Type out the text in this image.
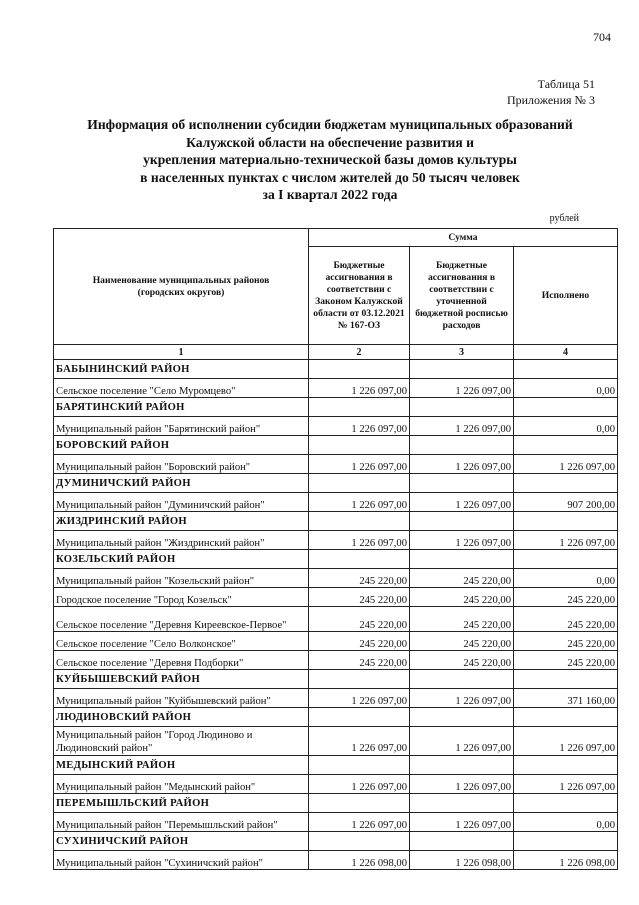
704
Таблица 51
Приложения № 3
Информация об исполнении субсидии бюджетам муниципальных образований
Калужской области на обеспечение развития и
укрепления материально-технической базы домов культуры
в населенных пунктах с числом жителей до 50 тысяч человек
за I квартал 2022 года
рублей
Наименование муниципальных районов
(городских округов)	Сумма		
	Бюджетные ассигнования в соответствии с Законом Калужской области от 03.12.2021 № 167-ОЗ	Бюджетные ассигнования в соответствии с уточненной бюджетной росписью расходов	Исполнено
1	2	3	4
БАБЫНИНСКИЙ РАЙОН			
Сельское поселение "Село Муромцево"	1 226 097,00	1 226 097,00	0,00
БАРЯТИНСКИЙ РАЙОН			
Муниципальный район "Барятинский район"	1 226 097,00	1 226 097,00	0,00
БОРОВСКИЙ РАЙОН			
Муниципальный район "Боровский район"	1 226 097,00	1 226 097,00	1 226 097,00
ДУМИНИЧСКИЙ РАЙОН			
Муниципальный район "Думиничский район"	1 226 097,00	1 226 097,00	907 200,00
ЖИЗДРИНСКИЙ РАЙОН			
Муниципальный район "Жиздринский район"	1 226 097,00	1 226 097,00	1 226 097,00
КОЗЕЛЬСКИЙ РАЙОН			
Муниципальный район "Козельский район"	245 220,00	245 220,00	0,00
Городское поселение "Город Козельск"	245 220,00	245 220,00	245 220,00
Сельское поселение "Деревня Киреевское-Первое"	245 220,00	245 220,00	245 220,00
Сельское поселение "Село Волконское"	245 220,00	245 220,00	245 220,00
Сельское поселение "Деревня Подборки"	245 220,00	245 220,00	245 220,00
КУЙБЫШЕВСКИЙ РАЙОН			
Муниципальный район "Куйбышевский район"	1 226 097,00	1 226 097,00	371 160,00
ЛЮДИНОВСКИЙ РАЙОН			
Муниципальный район "Город Людиново и Людиновский район"	1 226 097,00	1 226 097,00	1 226 097,00
МЕДЫНСКИЙ РАЙОН			
Муниципальный район "Медынский район"	1 226 097,00	1 226 097,00	1 226 097,00
ПЕРЕМЫШЛЬСКИЙ РАЙОН			
Муниципальный район "Перемышльский район"	1 226 097,00	1 226 097,00	0,00
СУХИНИЧСКИЙ РАЙОН			
Муниципальный район "Сухиничский район"	1 226 098,00	1 226 098,00	1 226 098,00
